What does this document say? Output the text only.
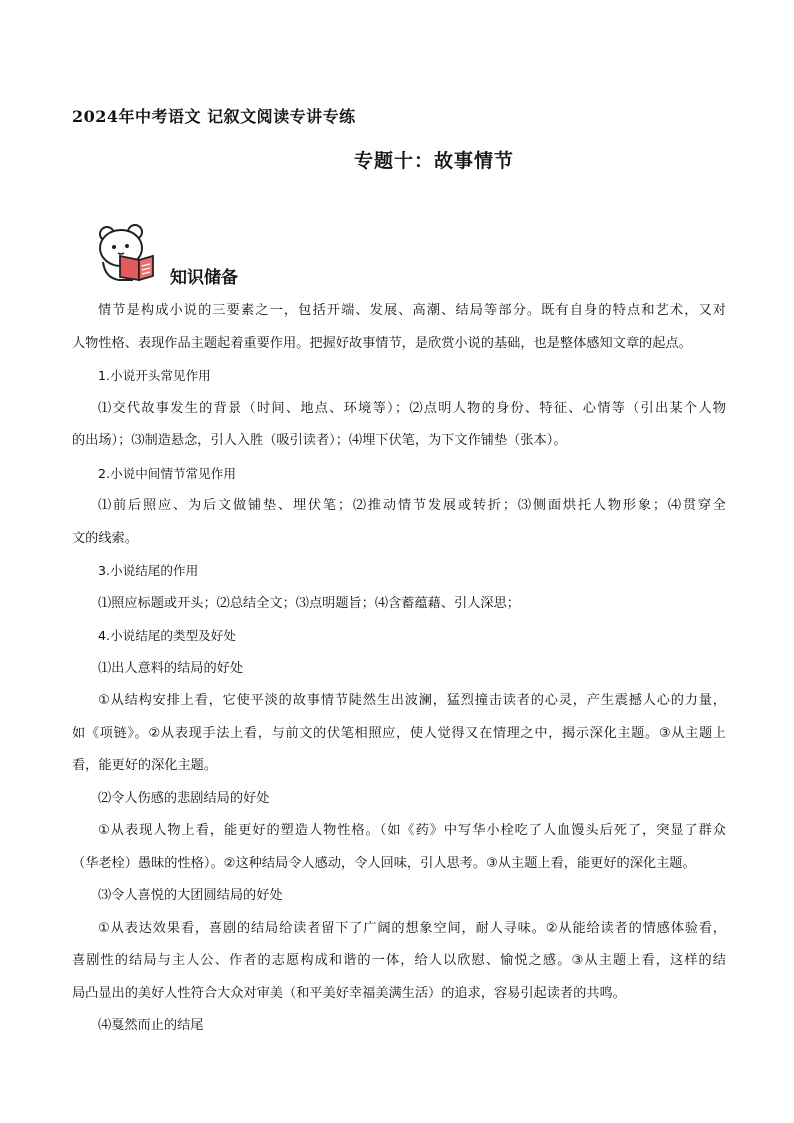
2024年中考语文 记叙文阅读专讲专练
专题十：故事情节
知识储备
情节是构成小说的三要素之一，包括开端、发展、高潮、结局等部分。既有自身的特点和艺术，又对
人物性格、表现作品主题起着重要作用。把握好故事情节，是欣赏小说的基础，也是整体感知文章的起点。
1.小说开头常见作用
⑴交代故事发生的背景（时间、地点、环境等）；⑵点明人物的身份、特征、心情等（引出某个人物
的出场）；⑶制造悬念，引人入胜（吸引读者）；⑷埋下伏笔，为下文作铺垫（张本）。
2.小说中间情节常见作用
⑴前后照应、为后文做铺垫、埋伏笔；⑵推动情节发展或转折；⑶侧面烘托人物形象；⑷贯穿全
文的线索。
3.小说结尾的作用
⑴照应标题或开头；⑵总结全文；⑶点明题旨；⑷含蓄蕴藉、引人深思；
4.小说结尾的类型及好处
⑴出人意料的结局的好处
①从结构安排上看，它使平淡的故事情节陡然生出波澜，猛烈撞击读者的心灵，产生震撼人心的力量，
如《项链》。②从表现手法上看，与前文的伏笔相照应，使人觉得又在情理之中，揭示深化主题。③从主题上
看，能更好的深化主题。
⑵令人伤感的悲剧结局的好处
①从表现人物上看，能更好的塑造人物性格。（如《药》中写华小栓吃了人血馒头后死了，突显了群众
（华老栓）愚昧的性格）。②这种结局令人感动，令人回味，引人思考。③从主题上看，能更好的深化主题。
⑶令人喜悦的大团圆结局的好处
①从表达效果看，喜剧的结局给读者留下了广阔的想象空间，耐人寻味。②从能给读者的情感体验看，
喜剧性的结局与主人公、作者的志愿构成和谐的一体，给人以欣慰、愉悦之感。③从主题上看，这样的结
局凸显出的美好人性符合大众对审美（和平美好幸福美满生活）的追求，容易引起读者的共鸣。
⑷戛然而止的结尾
